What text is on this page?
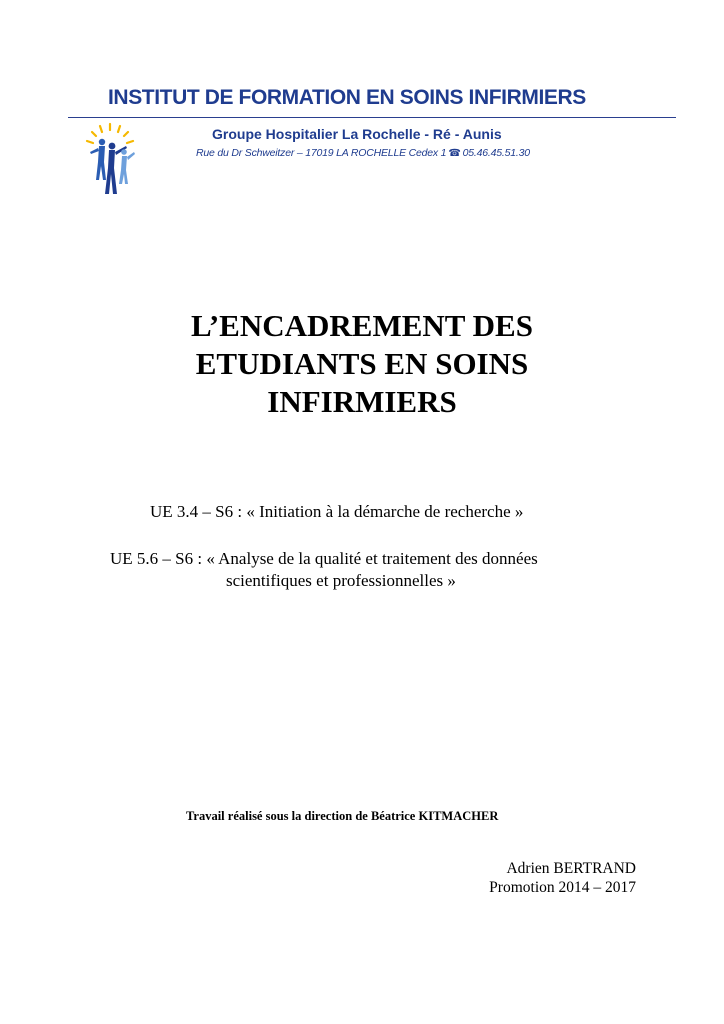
INSTITUT DE FORMATION EN SOINS INFIRMIERS
Groupe Hospitalier La Rochelle - Ré - Aunis
Rue du Dr Schweitzer – 17019 LA ROCHELLE Cedex 1 ☎ 05.46.45.51.30
L’ENCADREMENT DES
ETUDIANTS EN SOINS
INFIRMIERS
UE 3.4 – S6 : « Initiation à la démarche de recherche »
UE 5.6 – S6 : « Analyse de la qualité et traitement des données
scientifiques et professionnelles »
Travail réalisé sous la direction de Béatrice KITMACHER
Adrien BERTRAND
Promotion 2014 – 2017
